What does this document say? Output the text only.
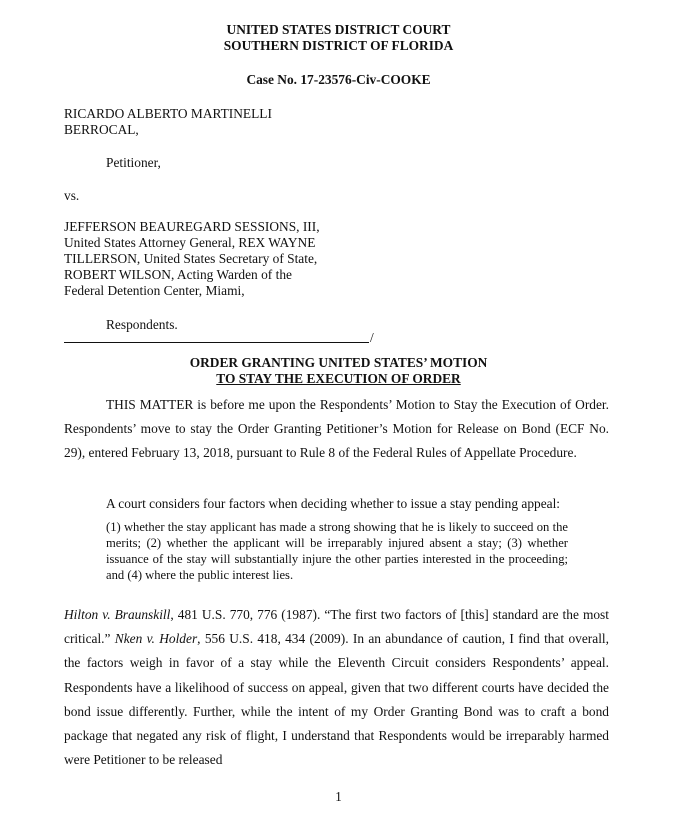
UNITED STATES DISTRICT COURT
SOUTHERN DISTRICT OF FLORIDA
Case No. 17-23576-Civ-COOKE
RICARDO ALBERTO MARTINELLI
BERROCAL,
Petitioner,
vs.
JEFFERSON BEAUREGARD SESSIONS, III,
United States Attorney General, REX WAYNE
TILLERSON, United States Secretary of State,
ROBERT WILSON, Acting Warden of the
Federal Detention Center, Miami,
Respondents.
/
ORDER GRANTING UNITED STATES’ MOTION
TO STAY THE EXECUTION OF ORDER

THIS MATTER is before me upon the Respondents’ Motion to Stay the Execution of Order. Respondents’ move to stay the Order Granting Petitioner’s Motion for Release on Bond (ECF No. 29), entered February 13, 2018, pursuant to Rule 8 of the Federal Rules of Appellate Procedure.

A court considers four factors when deciding whether to issue a stay pending appeal:
(1) whether the stay applicant has made a strong showing that he is likely to succeed on the merits; (2) whether the applicant will be irreparably injured absent a stay; (3) whether issuance of the stay will substantially injure the other parties interested in the proceeding; and (4) where the public interest lies.

Hilton v. Braunskill, 481 U.S. 770, 776 (1987). “The first two factors of [this] standard are the most critical.” Nken v. Holder, 556 U.S. 418, 434 (2009). In an abundance of caution, I find that overall, the factors weigh in favor of a stay while the Eleventh Circuit considers Respondents’ appeal. Respondents have a likelihood of success on appeal, given that two different courts have decided the bond issue differently. Further, while the intent of my Order Granting Bond was to craft a bond package that negated any risk of flight, I understand that Respondents would be irreparably harmed were Petitioner to be released

1
